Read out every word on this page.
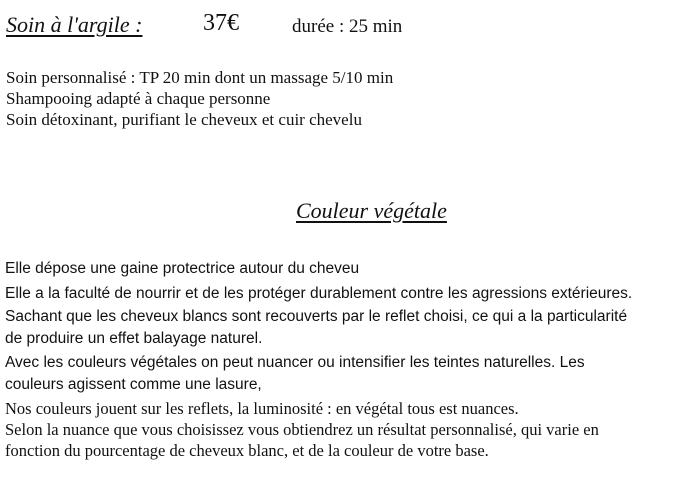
Soin à l'argile :	37€	durée : 25 min
Soin personnalisé : TP 20 min dont un massage 5/10 min
Shampooing adapté à chaque personne
Soin détoxinant, purifiant le cheveux et cuir chevelu
Couleur végétale
Elle dépose une gaine protectrice autour du cheveu
Elle a la faculté de nourrir et de les protéger durablement contre les agressions extérieures.
Sachant que les cheveux blancs sont recouverts par le reflet choisi, ce qui a la particularité
de produire un effet balayage naturel.
Avec les couleurs végétales on peut nuancer ou intensifier les teintes naturelles. Les
couleurs agissent comme une lasure,
Nos couleurs jouent sur les reflets, la luminosité : en végétal tous est nuances.
Selon la nuance que vous choisissez vous obtiendrez un résultat personnalisé, qui varie en
fonction du pourcentage de cheveux blanc, et de la couleur de votre base.
